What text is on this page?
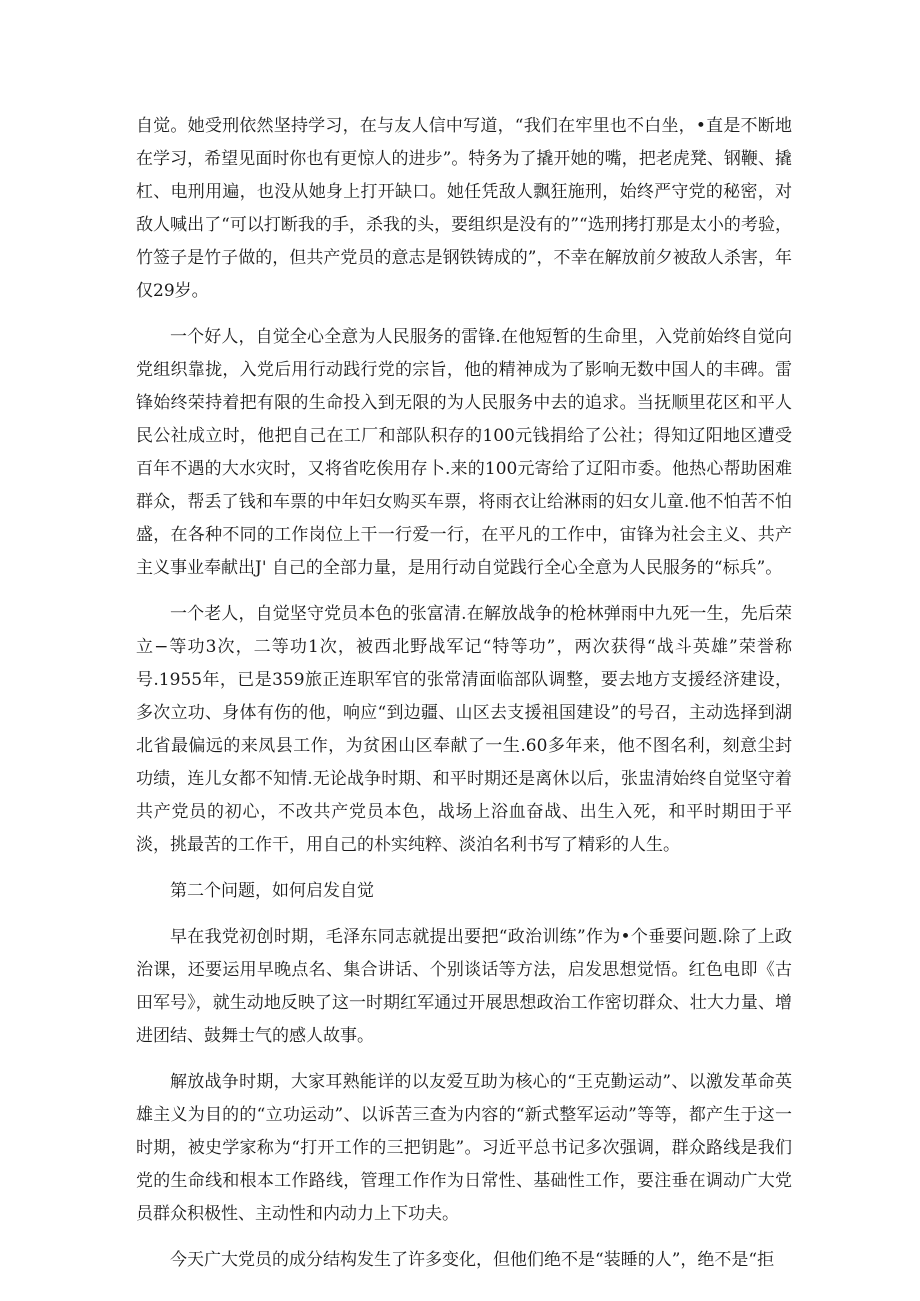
自觉。她受刑依然坚持学习，在与友人信中写道，“我们在牢里也不白坐，•直是不断地在学习，希望见面时你也有更惊人的进步”。特务为了撬开她的嘴，把老虎凳、钢鞭、撬杠、电刑用遍，也没从她身上打开缺口。她任凭敌人飘狂施刑，始终严守党的秘密，对敌人喊出了“可以打断我的手，杀我的头，要组织是没有的”“选刑拷打那是太小的考验，竹签子是竹子做的，但共产党员的意志是钢铁铸成的”，不幸在解放前夕被敌人杀害，年仅29岁。

一个好人，自觉全心全意为人民服务的雷锋.在他短暂的生命里，入党前始终自觉向党组织靠拢，入党后用行动践行党的宗旨，他的精神成为了影响无数中国人的丰碑。雷锋始终荣持着把有限的生命投入到无限的为人民服务中去的追求。当抚顺里花区和平人民公社成立时，他把自己在工厂和部队积存的100元钱捐给了公社；得知辽阳地区遭受百年不遇的大水灾时，又将省吃俟用存卜.来的100元寄给了辽阳市委。他热心帮助困难群众，帮丢了钱和车票的中年妇女购买车票，将雨衣让给淋雨的妇女儿童.他不怕苦不怕盛，在各种不同的工作岗位上干一行爱一行，在平凡的工作中，宙锋为社会主义、共产主义事业奉献出J' 自己的全部力量，是用行动自觉践行全心全意为人民服务的“标兵”。

一个老人，自觉坚守党员本色的张富清.在解放战争的枪林弹雨中九死一生，先后荣立−等功3次，二等功1次，被西北野战军记“特等功”，两次获得“战斗英雄”荣誉称号.1955年，已是359旅正连职军官的张常清面临部队调整，要去地方支援经济建设，多次立功、身体有伤的他，响应“到边疆、山区去支援祖国建设”的号召，主动选择到湖北省最偏远的来凤县工作，为贫困山区奉献了一生.60多年来，他不图名利，刻意尘封功绩，连儿女都不知情.无论战争时期、和平时期还是离休以后，张盅清始终自觉坚守着共产党员的初心，不改共产党员本色，战场上浴血奋战、出生入死，和平时期田于平淡，挑最苦的工作干，用自己的朴实纯粹、淡泊名利书写了精彩的人生。

第二个问题，如何启发自觉

早在我党初创时期，毛泽东同志就提出要把“政治训练”作为•个垂要问题.除了上政治课，还要运用早晚点名、集合讲话、个别谈话等方法，启发思想觉悟。红色电即《古田军号》，就生动地反映了这一时期红军通过开展思想政治工作密切群众、壮大力量、增进团结、鼓舞士气的感人故事。

解放战争时期，大家耳熟能详的以友爱互助为核心的“王克勤运动”、以激发革命英雄主义为目的的“立功运动”、以诉苦三查为内容的“新式整军运动”等等，都产生于这一时期，被史学家称为“打开工作的三把钥匙”。习近平总书记多次强调，群众路线是我们党的生命线和根本工作路线，管理工作作为日常性、基础性工作，要注垂在调动广大党员群众积极性、主动性和内动力上下功夫。

今天广大党员的成分结构发生了许多变化，但他们绝不是“装睡的人”，绝不是“拒
